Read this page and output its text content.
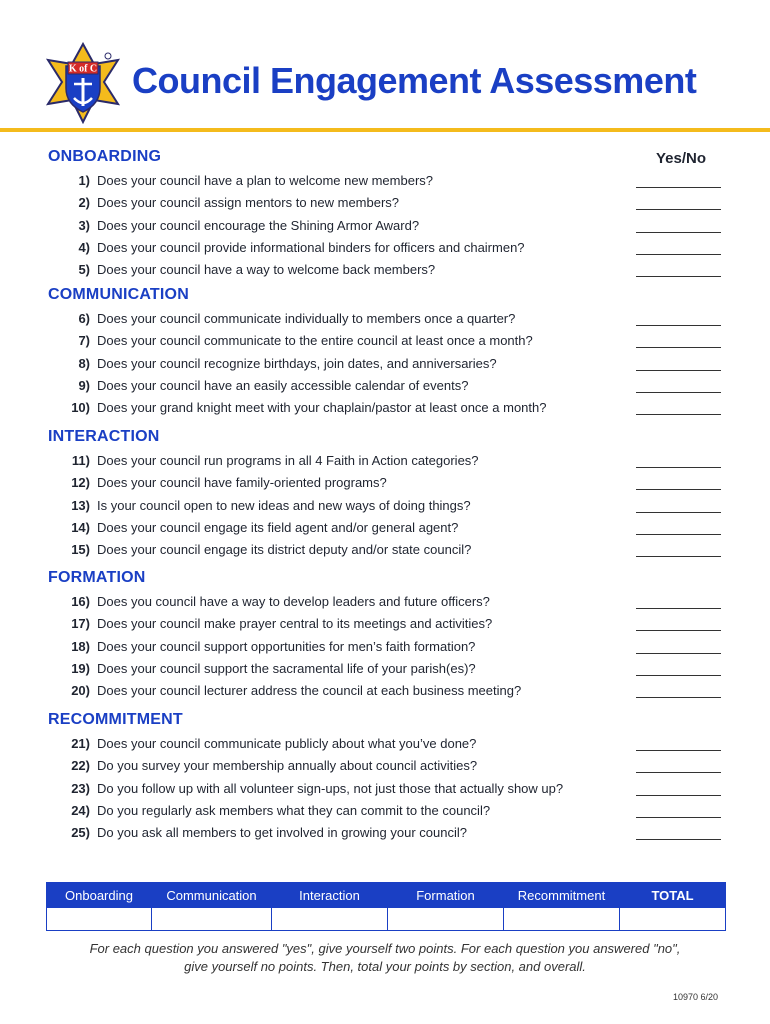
K of C Council Engagement Assessment
Yes/No
ONBOARDING
1) Does your council have a plan to welcome new members?
2) Does your council assign mentors to new members?
3) Does your council encourage the Shining Armor Award?
4) Does your council provide informational binders for officers and chairmen?
5) Does your council have a way to welcome back members?
COMMUNICATION
6) Does your council communicate individually to members once a quarter?
7) Does your council communicate to the entire council at least once a month?
8) Does your council recognize birthdays, join dates, and anniversaries?
9) Does your council have an easily accessible calendar of events?
10) Does your grand knight meet with your chaplain/pastor at least once a month?
INTERACTION
11) Does your council run programs in all 4 Faith in Action categories?
12) Does your council have family-oriented programs?
13) Is your council open to new ideas and new ways of doing things?
14) Does your council engage its field agent and/or general agent?
15) Does your council engage its district deputy and/or state council?
FORMATION
16) Does you council have a way to develop leaders and future officers?
17) Does your council make prayer central to its meetings and activities?
18) Does your council support opportunities for men’s faith formation?
19) Does your council support the sacramental life of your parish(es)?
20) Does your council lecturer address the council at each business meeting?
RECOMMITMENT
21) Does your council communicate publicly about what you’ve done?
22) Do you survey your membership annually about council activities?
23) Do you follow up with all volunteer sign-ups, not just those that actually show up?
24) Do you regularly ask members what they can commit to the council?
25) Do you ask all members to get involved in growing your council?
Onboarding	Communication	Interaction	Formation	Recommitment	TOTAL

For each question you answered "yes", give yourself two points. For each question you answered "no",
give yourself no points. Then, total your points by section, and overall.

10970 6/20
